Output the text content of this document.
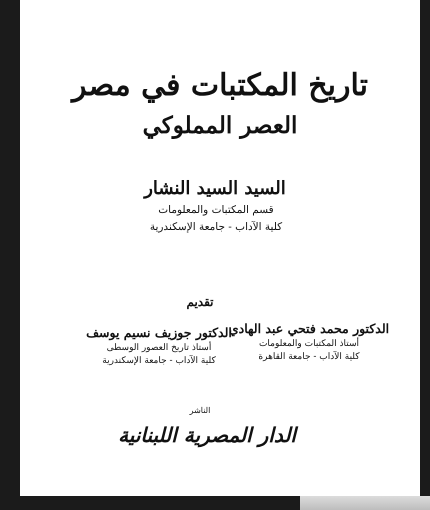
تاريخ المكتبات في مصر
العصر المملوكي

السيد السيد النشار

قسم المكتبات والمعلومات

كلية الآداب - جامعة الإسكندرية

تقديم

الدكتور محمد فتحي عبد الهادي
أستاذ المكتبات والمعلومات
كلية الآداب - جامعة القاهرة
الدكتور جوزيف نسيم يوسف
أستاذ تاريخ العصور الوسطى
كلية الآداب - جامعة الإسكندرية

الناشر

الدار المصرية اللبنانية
